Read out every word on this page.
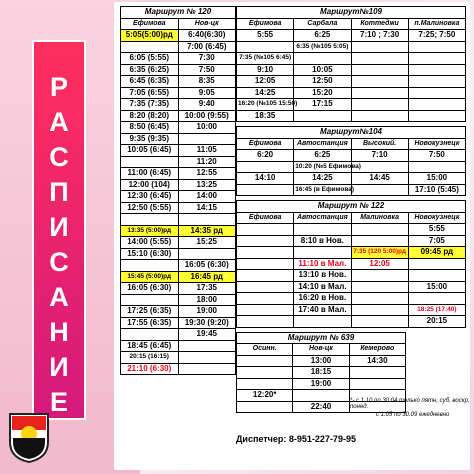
Р
А
С
П
И
С
А
Н
И
Е
Маршрут № 120	
Ефимова	Нов-цк
5:05(5:00)рд	6:40(6:30)
	7:00 (6:45)
6:05 (5:55)	7:30
6:35 (6:25)	7:50
6:45 (6:35)	8:35
7:05 (6:55)	9:05
7:35 (7:35)	9:40
8:20 (8:20)	10:00 (9:55)
8:50 (6:45)	10:00
9:35 (9:35)	
10:05 (6:45)	11:05
	11:20
11:00 (6:45)	12:55
12:00 (104)	13:25
12:30 (6:45)	14:00
12:50 (5:55)	14:15

13:35 (5:00)рд	14:35 рд
14:00 (5:55)	15:25
15:10 (6:30)	
	16:05 (6:30)
15:45 (5:00)рд	16:45 рд
16:05 (6:30)	17:35
	18:00
17:25 (6:35)	19:00
17:55 (6:35)	19:30 (9:20)
	19:45
18:45 (6:45)	
20:15 (16:15)	
21:10 (6:30)	
Маршрут№109			
Ефимова	Сарбала	Коттеджи	п.Малиновка
5:55	6:25	7:10 ; 7:30	7:25; 7:50
	6:35 (№105 5:05)		
7:35 (№105 6:45)			
9:10	10:05		
12:05	12:50		
14:25	15:20		
16:20 (№105 15:50)	17:15		
18:35			
Маршрут№104			
Ефимова	Автостанция	Высокий.	Новокузнецк
6:20	6:25	7:10	7:50
	10:20 (№5 Ефимова)		
14:10	14:25	14:45	15:00
	16:45 (в Ефимова)		17:10 (5:45)
Маршрут № 122			
Ефимова	Автостанция	Малиновка	Новокузнецк
			5:55
	8:10 в Нов.		7:05
		7:35 (120 5:00)рд	09:45 рд
	11:10 в Мал.	12:05	
	13:10 в Нов.		
	14:10 в Мал.		15:00
	16:20 в Нов.		
	17:40 в Мал.		18:25 (17:40)
			20:15
Маршрут № 639		
Осинн.	Нов-цк	Кемерово
	13:00	14:30
	18:15	
	19:00	
12:20*		
	22:40	
*- с 1.10 по 30.04 только пятн, суб, воскр, понед.
с 1.05 по 30.09 ежедневно
Диспетчер: 8-951-227-79-95
